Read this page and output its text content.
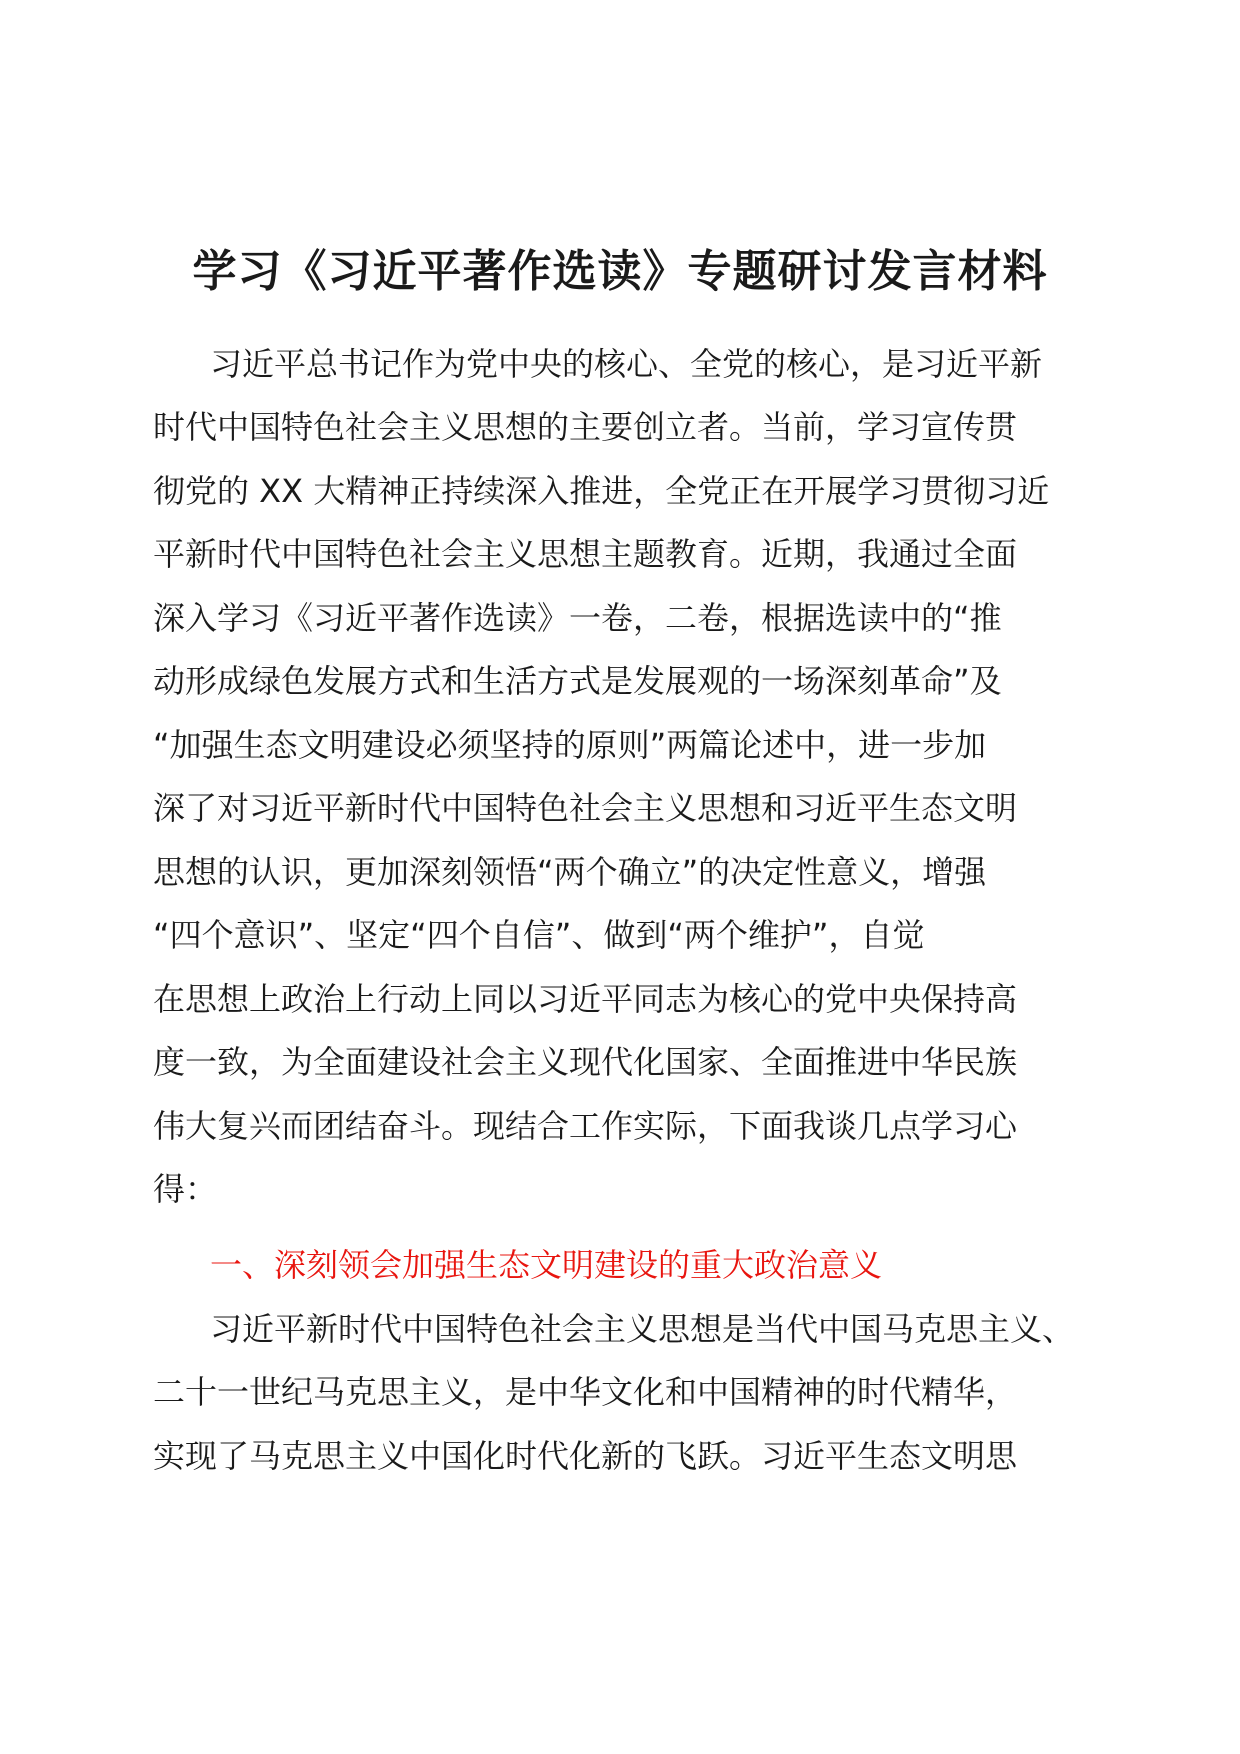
学习《习近平著作选读》专题研讨发言材料
习近平总书记作为党中央的核心、全党的核心，是习近平新
时代中国特色社会主义思想的主要创立者。当前，学习宣传贯
彻党的 XX 大精神正持续深入推进，全党正在开展学习贯彻习近
平新时代中国特色社会主义思想主题教育。近期，我通过全面
深入学习《习近平著作选读》一卷，二卷，根据选读中的“推
动形成绿色发展方式和生活方式是发展观的一场深刻革命”及
“加强生态文明建设必须坚持的原则”两篇论述中，进一步加
深了对习近平新时代中国特色社会主义思想和习近平生态文明
思想的认识，更加深刻领悟“两个确立”的决定性意义，增强
“四个意识”、坚定“四个自信”、做到“两个维护”，自觉
在思想上政治上行动上同以习近平同志为核心的党中央保持高
度一致，为全面建设社会主义现代化国家、全面推进中华民族
伟大复兴而团结奋斗。现结合工作实际，下面我谈几点学习心
得：
一、深刻领会加强生态文明建设的重大政治意义
习近平新时代中国特色社会主义思想是当代中国马克思主义、
二十一世纪马克思主义，是中华文化和中国精神的时代精华，
实现了马克思主义中国化时代化新的飞跃。习近平生态文明思
